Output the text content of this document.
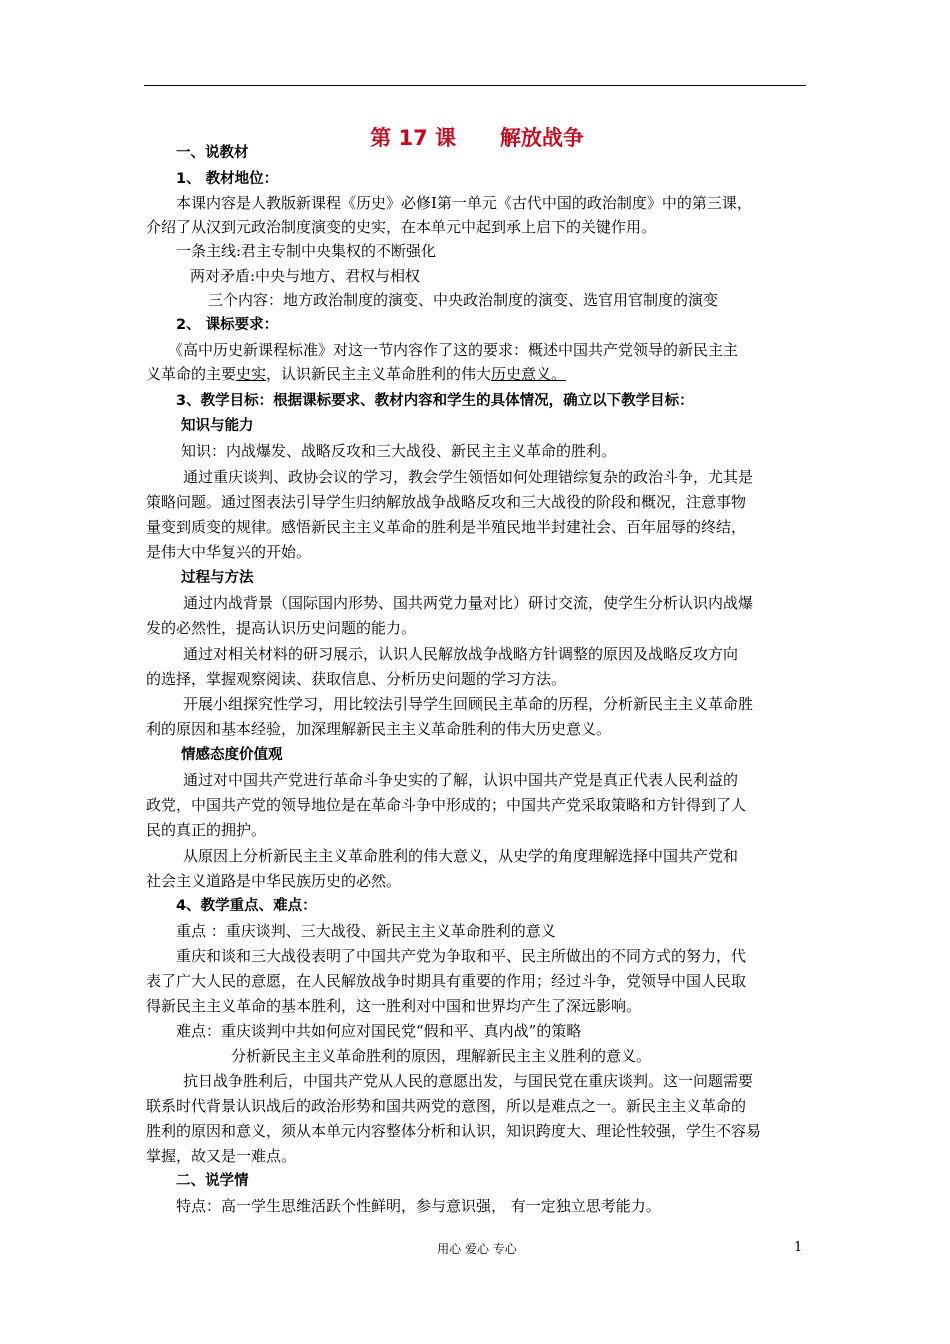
第 17 课      解放战争
用心 爱心 专心	1
一、说教材
1、 教材地位：
本课内容是人教版新课程《历史》必修Ⅰ第一单元《古代中国的政治制度》中的第三课，
介绍了从汉到元政治制度演变的史实，在本单元中起到承上启下的关键作用。
一条主线:君主专制中央集权的不断强化
两对矛盾:中央与地方、君权与相权
三个内容：地方政治制度的演变、中央政治制度的演变、选官用官制度的演变
2、 课标要求：
《高中历史新课程标准》对这一节内容作了这的要求：概述中国共产党领导的新民主主
义革命的主要史实，认识新民主主义革命胜利的伟大历史意义。
3、教学目标：根据课标要求、教材内容和学生的具体情况，确立以下教学目标：
知识与能力
知识：内战爆发、战略反攻和三大战役、新民主主义革命的胜利。
通过重庆谈判、政协会议的学习，教会学生领悟如何处理错综复杂的政治斗争，尤其是
策略问题。通过图表法引导学生归纳解放战争战略反攻和三大战役的阶段和概况，注意事物
量变到质变的规律。感悟新民主主义革命的胜利是半殖民地半封建社会、百年屈辱的终结，
是伟大中华复兴的开始。
过程与方法
通过内战背景（国际国内形势、国共两党力量对比）研讨交流，使学生分析认识内战爆
发的必然性，提高认识历史问题的能力。
通过对相关材料的研习展示，认识人民解放战争战略方针调整的原因及战略反攻方向
的选择，掌握观察阅读、获取信息、分析历史问题的学习方法。
开展小组探究性学习，用比较法引导学生回顾民主革命的历程，分析新民主主义革命胜
利的原因和基本经验，加深理解新民主主义革命胜利的伟大历史意义。
情感态度价值观
通过对中国共产党进行革命斗争史实的了解，认识中国共产党是真正代表人民利益的
政党，中国共产党的领导地位是在革命斗争中形成的；中国共产党采取策略和方针得到了人
民的真正的拥护。
从原因上分析新民主主义革命胜利的伟大意义，从史学的角度理解选择中国共产党和
社会主义道路是中华民族历史的必然。
4、教学重点、难点：
重点 ：重庆谈判、三大战役、新民主主义革命胜利的意义
重庆和谈和三大战役表明了中国共产党为争取和平、民主所做出的不同方式的努力，代
表了广大人民的意愿，在人民解放战争时期具有重要的作用；经过斗争，党领导中国人民取
得新民主主义革命的基本胜利，这一胜利对中国和世界均产生了深远影响。
难点：重庆谈判中共如何应对国民党“假和平、真内战”的策略
分析新民主主义革命胜利的原因，理解新民主主义胜利的意义。
抗日战争胜利后，中国共产党从人民的意愿出发，与国民党在重庆谈判。这一问题需要
联系时代背景认识战后的政治形势和国共两党的意图，所以是难点之一。新民主主义革命的
胜利的原因和意义，须从本单元内容整体分析和认识，知识跨度大、理论性较强，学生不容易
掌握，故又是一难点。
二、说学情
特点：高一学生思维活跃个性鲜明，参与意识强， 有一定独立思考能力。
